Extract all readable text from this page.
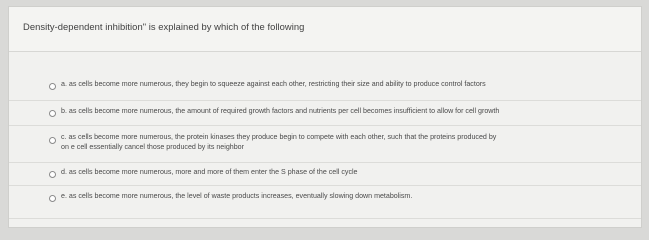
Density-dependent inhibition" is explained by which of the following
a. as cells become more numerous, they begin to squeeze against each other, restricting their size and ability to produce control factors
b. as cells become more numerous, the amount of required growth factors and nutrients per cell becomes insufficient to allow for cell growth
c. as cells become more numerous, the protein kinases they produce begin to compete with each other, such that the proteins produced by
on e cell essentially cancel those produced by its neighbor
d. as cells become more numerous, more and more of them enter the S phase of the cell cycle
e. as cells become more numerous, the level of waste products increases, eventually slowing down metabolism.
